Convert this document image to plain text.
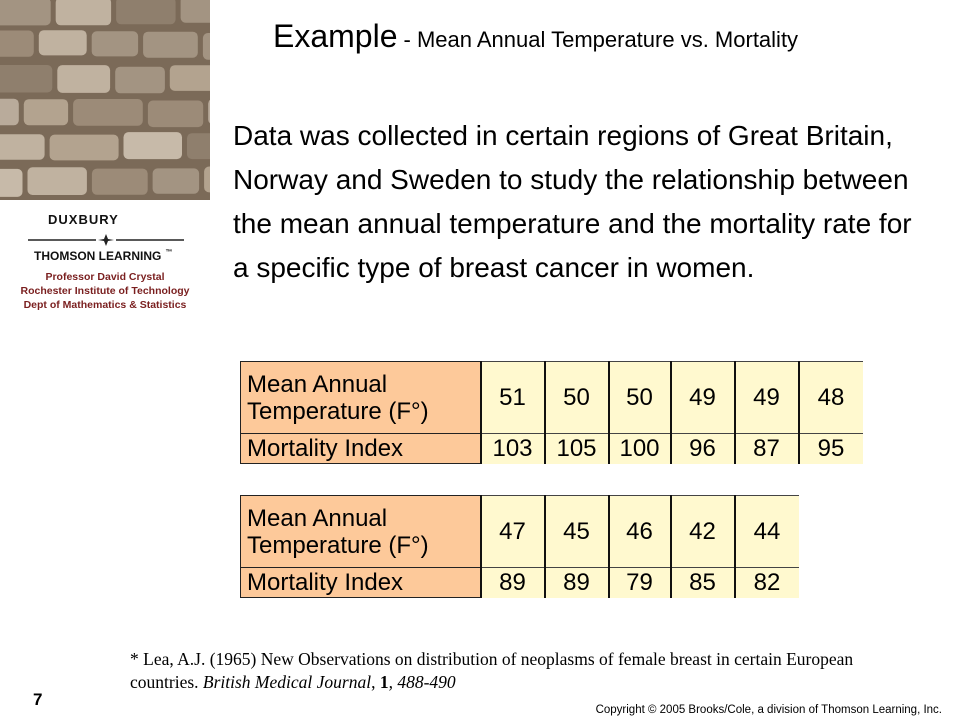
DUXBURY
THOMSON LEARNING ™
Professor David Crystal
Rochester Institute of Technology
Dept of Mathematics & Statistics
Example - Mean Annual Temperature vs. Mortality
Data was collected in certain regions of Great Britain, Norway and Sweden to study the relationship between the mean annual temperature and the mortality rate for a specific type of breast cancer in women.
Mean Annual
Temperature (F°)	51	50	50	49	49	48
Mortality Index	103	105	100	96	87	95
Mean Annual
Temperature (F°)	47	45	46	42	44
Mortality Index	89	89	79	85	82
* Lea, A.J. (1965) New Observations on distribution of neoplasms of female breast in certain European countries. British Medical Journal, 1, 488-490
7
Copyright © 2005 Brooks/Cole, a division of Thomson Learning, Inc.
